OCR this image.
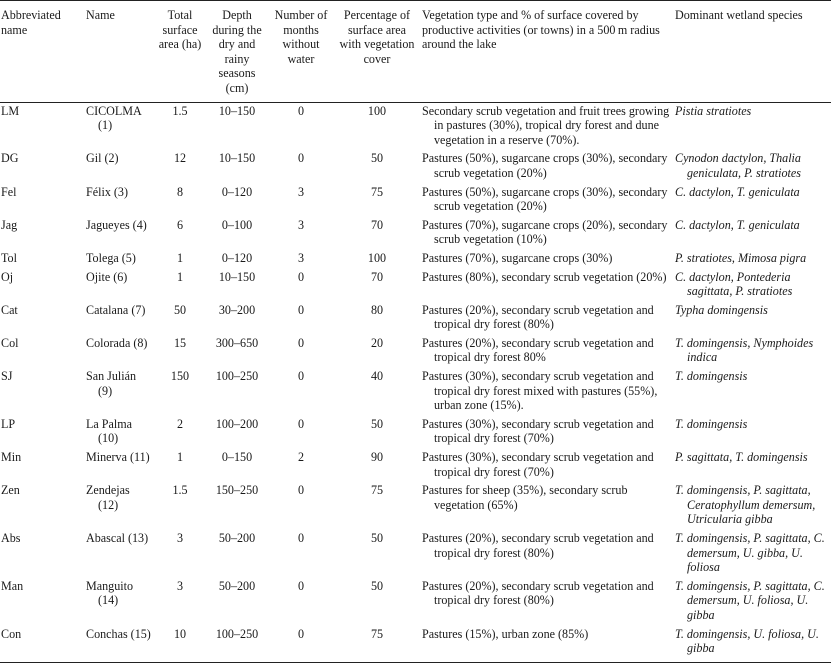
Abbreviated name	Name	Total surface area (ha)	Depth during the dry and rainy seasons (cm)	Number of months without water	Percentage of surface area with vegetation cover	Vegetation type and % of surface covered by productive activities (or towns) in a 500 m radius around the lake	Dominant wetland species
LM	CICOLMA (1)	1.5	10–150	0	100	Secondary scrub vegetation and fruit trees growing in pastures (30%), tropical dry forest and dune vegetation in a reserve (70%).	Pistia stratiotes
DG	Gil (2)	12	10–150	0	50	Pastures (50%), sugarcane crops (30%), secondary scrub vegetation (20%)	Cynodon dactylon, Thalia geniculata, P. stratiotes
Fel	Félix (3)	8	0–120	3	75	Pastures (50%), sugarcane crops (30%), secondary scrub vegetation (20%)	C. dactylon, T. geniculata
Jag	Jagueyes (4)	6	0–100	3	70	Pastures (70%), sugarcane crops (20%), secondary scrub vegetation (10%)	C. dactylon, T. geniculata
Tol	Tolega (5)	1	0–120	3	100	Pastures (70%), sugarcane crops (30%)	P. stratiotes, Mimosa pigra
Oj	Ojite (6)	1	10–150	0	70	Pastures (80%), secondary scrub vegetation (20%)	C. dactylon, Pontederia sagittata, P. stratiotes
Cat	Catalana (7)	50	30–200	0	80	Pastures (20%), secondary scrub vegetation and tropical dry forest (80%)	Typha domingensis
Col	Colorada (8)	15	300–650	0	20	Pastures (20%), secondary scrub vegetation and tropical dry forest 80%	T. domingensis, Nymphoides indica
SJ	San Julián (9)	150	100–250	0	40	Pastures (30%), secondary scrub vegetation and tropical dry forest mixed with pastures (55%), urban zone (15%).	T. domingensis
LP	La Palma (10)	2	100–200	0	50	Pastures (30%), secondary scrub vegetation and tropical dry forest (70%)	T. domingensis
Min	Minerva (11)	1	0–150	2	90	Pastures (30%), secondary scrub vegetation and tropical dry forest (70%)	P. sagittata, T. domingensis
Zen	Zendejas (12)	1.5	150–250	0	75	Pastures for sheep (35%), secondary scrub vegetation (65%)	T. domingensis, P. sagittata, Ceratophyllum demersum, Utricularia gibba
Abs	Abascal (13)	3	50–200	0	50	Pastures (20%), secondary scrub vegetation and tropical dry forest (80%)	T. domingensis, P. sagittata, C. demersum, U. gibba, U. foliosa
Man	Manguito (14)	3	50–200	0	50	Pastures (20%), secondary scrub vegetation and tropical dry forest (80%)	T. domingensis, P. sagittata, C. demersum, U. foliosa, U. gibba
Con	Conchas (15)	10	100–250	0	75	Pastures (15%), urban zone (85%)	T. domingensis, U. foliosa, U. gibba
